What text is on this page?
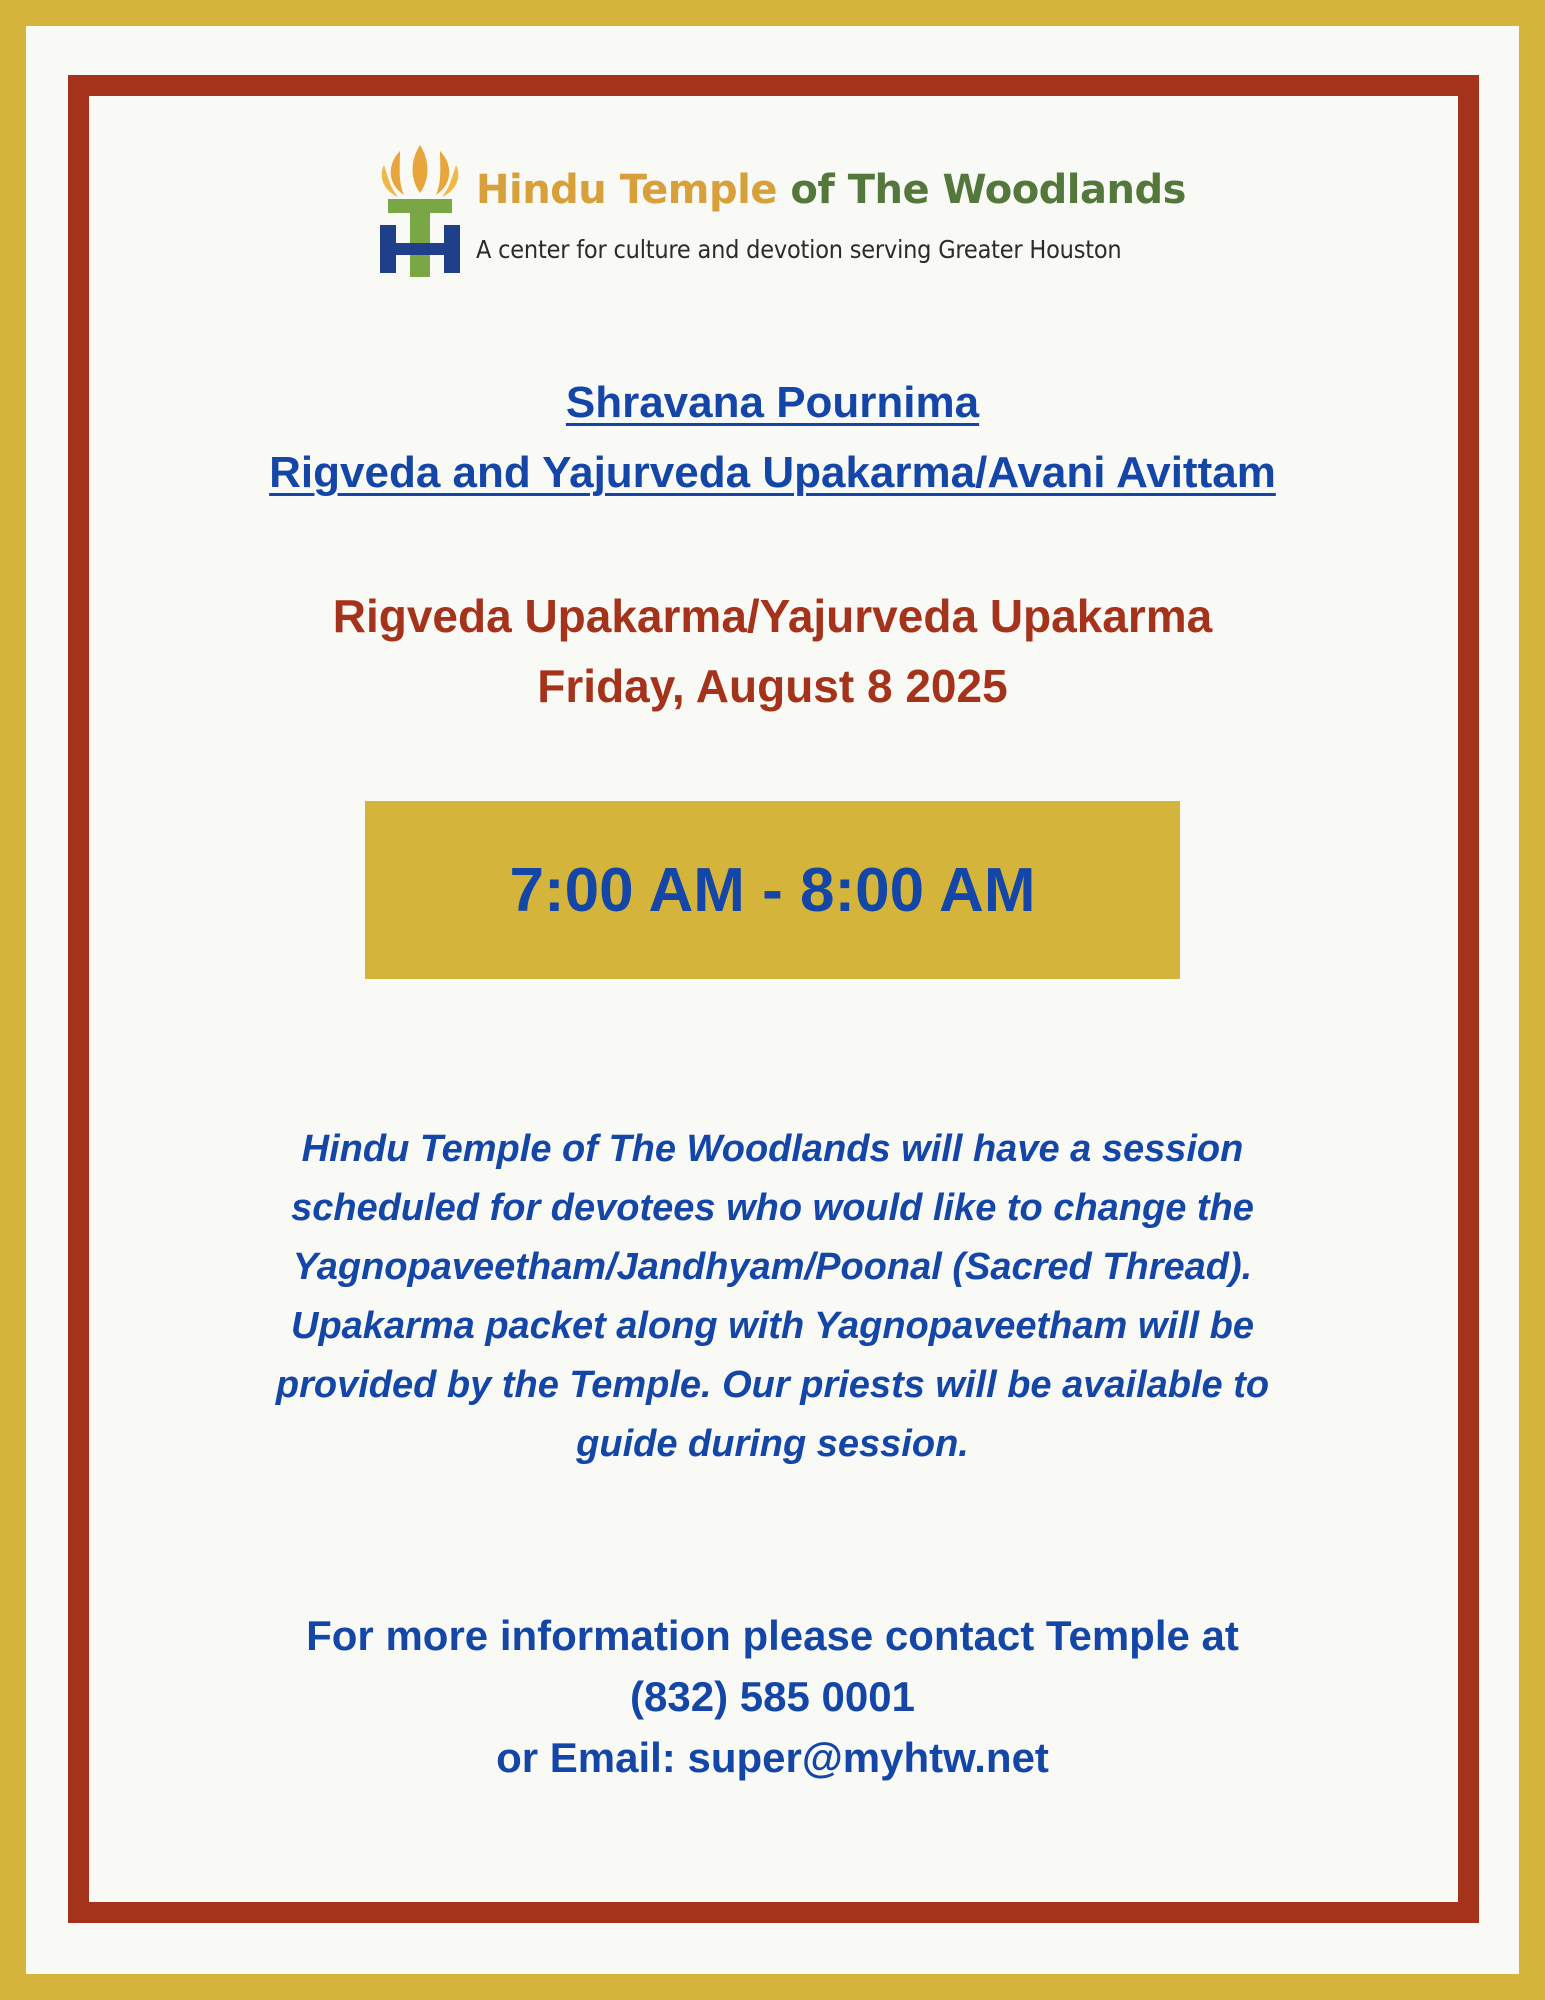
Hindu Temple of The Woodlands
A center for culture and devotion serving Greater Houston
Shravana Pournima
Rigveda and Yajurveda Upakarma/Avani Avittam
Rigveda Upakarma/Yajurveda Upakarma
Friday, August 8 2025
7:00 AM - 8:00 AM
Hindu Temple of The Woodlands will have a session
scheduled for devotees who would like to change the
Yagnopaveetham/Jandhyam/Poonal (Sacred Thread).
Upakarma packet along with Yagnopaveetham will be
provided by the Temple. Our priests will be available to
guide during session.
For more information please contact Temple at
(832) 585 0001
or Email: super@myhtw.net
